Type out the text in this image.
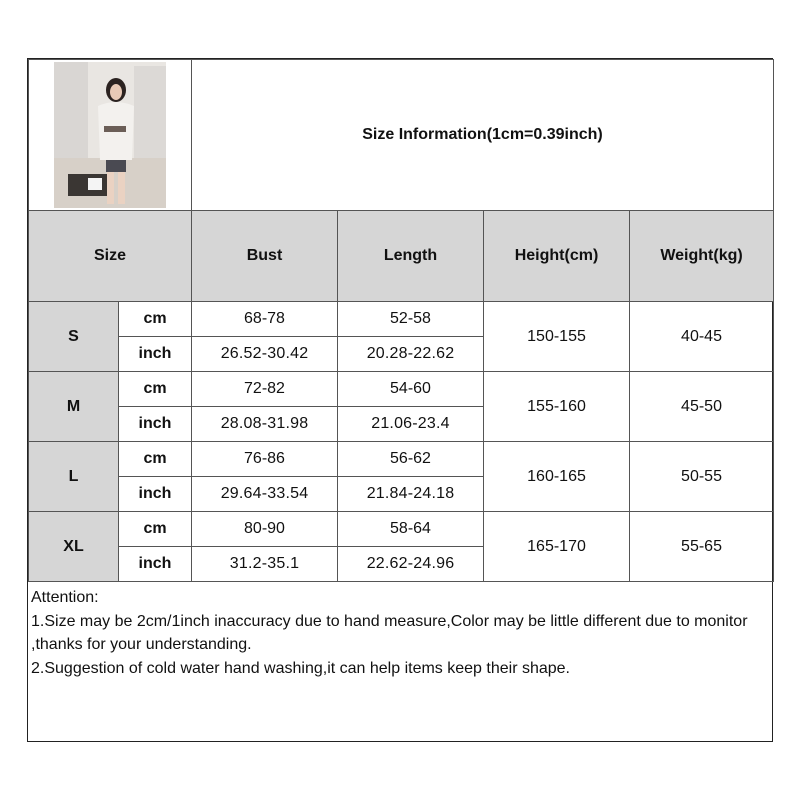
	Size Information(1cm=0.39inch)			
Size		Bust	Length	Height(cm)	Weight(kg)
S	cm	68-78	52-58	150-155	40-45
	inch	26.52-30.42	20.28-22.62		
M	cm	72-82	54-60	155-160	45-50
	inch	28.08-31.98	21.06-23.4		
L	cm	76-86	56-62	160-165	50-55
	inch	29.64-33.54	21.84-24.18		
XL	cm	80-90	58-64	165-170	55-65
	inch	31.2-35.1	22.62-24.96		
Attention:
1.Size may be 2cm/1inch inaccuracy due to hand measure,Color may be little different due to monitor ,thanks for your understanding.
2.Suggestion of cold water hand washing,it can help items keep their shape.
